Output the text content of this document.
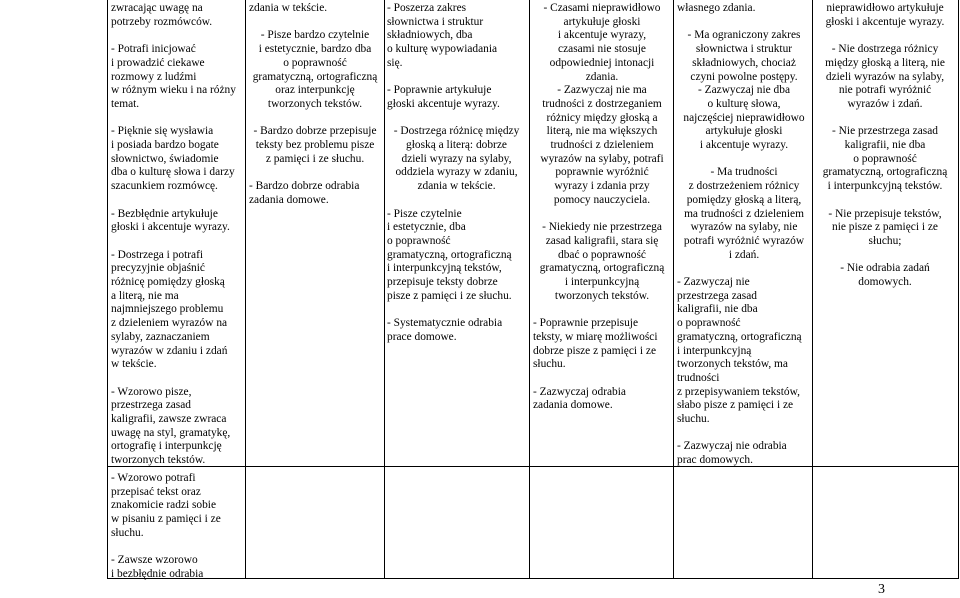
zwracając uwagę na
potrzeby rozmówców.

- Potrafi inicjować
i prowadzić ciekawe
rozmowy z ludźmi
w różnym wieku i na różny
temat.

- Pięknie się wysławia
i posiada bardzo bogate
słownictwo, świadomie
dba o kulturę słowa i darzy
szacunkiem rozmówcę.

- Bezbłędnie artykułuje
głoski i akcentuje wyrazy.

- Dostrzega i potrafi
precyzyjnie objaśnić
różnicę pomiędzy głoską
a literą, nie ma
najmniejszego problemu
z dzieleniem wyrazów na
sylaby, zaznaczaniem
wyrazów w zdaniu i zdań
w tekście.

- Wzorowo pisze,
przestrzega zasad
kaligrafii, zawsze zwraca
uwagę na styl, gramatykę,
ortografię i interpunkcję
tworzonych tekstów.

- Wzorowo potrafi
przepisać tekst oraz
znakomicie radzi sobie
w pisaniu z pamięci i ze
słuchu.

- Zawsze wzorowo
i bezbłędnie odrabia

zdania w tekście.

- Pisze bardzo czytelnie
i estetycznie, bardzo dba
o poprawność
gramatyczną, ortograficzną
oraz interpunkcję
tworzonych tekstów.

- Bardzo dobrze przepisuje
teksty bez problemu pisze
z pamięci i ze słuchu.

- Bardzo dobrze odrabia
zadania domowe.

- Poszerza zakres
słownictwa i struktur
składniowych, dba
o kulturę wypowiadania
się.

- Poprawnie artykułuje
głoski akcentuje wyrazy.

- Dostrzega różnicę między
głoską a literą: dobrze
dzieli wyrazy na sylaby,
oddziela wyrazy w zdaniu,
zdania w tekście.

- Pisze czytelnie
i estetycznie, dba
o poprawność
gramatyczną, ortograficzną
i interpunkcyjną tekstów,
przepisuje teksty dobrze
pisze z pamięci i ze słuchu.

- Systematycznie odrabia
prace domowe.

- Czasami nieprawidłowo
artykułuje głoski
i akcentuje wyrazy,
czasami nie stosuje
odpowiedniej intonacji
zdania.
- Zazwyczaj nie ma
trudności z dostrzeganiem
różnicy między głoską a
literą, nie ma większych
trudności z dzieleniem
wyrazów na sylaby, potrafi
poprawnie wyróżnić
wyrazy i zdania przy
pomocy nauczyciela.

- Niekiedy nie przestrzega
zasad kaligrafii, stara się
dbać o poprawność
gramatyczną, ortograficzną
i interpunkcyjną
tworzonych tekstów.

- Poprawnie przepisuje
teksty, w miarę możliwości
dobrze pisze z pamięci i ze
słuchu.

- Zazwyczaj odrabia
zadania domowe.

własnego zdania.

- Ma ograniczony zakres
słownictwa i struktur
składniowych, chociaż
czyni powolne postępy.
- Zazwyczaj nie dba
o kulturę słowa,
najczęściej nieprawidłowo
artykułuje głoski
i akcentuje wyrazy.

- Ma trudności
z dostrzeżeniem różnicy
pomiędzy głoską a literą,
ma trudności z dzieleniem
wyrazów na sylaby, nie
potrafi wyróżnić wyrazów
i zdań.

- Zazwyczaj nie
przestrzega zasad
kaligrafii, nie dba
o poprawność
gramatyczną, ortograficzną
i interpunkcyjną
tworzonych tekstów, ma
trudności
z przepisywaniem tekstów,
słabo pisze z pamięci i ze
słuchu.

- Zazwyczaj nie odrabia
prac domowych.

nieprawidłowo artykułuje
głoski i akcentuje wyrazy.

- Nie dostrzega różnicy
między głoską a literą, nie
dzieli wyrazów na sylaby,
nie potrafi wyróżnić
wyrazów i zdań.

- Nie przestrzega zasad
kaligrafii, nie dba
o poprawność
gramatyczną, ortograficzną
i interpunkcyjną tekstów.

- Nie przepisuje tekstów,
nie pisze z pamięci i ze
słuchu;

- Nie odrabia zadań
domowych.

3
